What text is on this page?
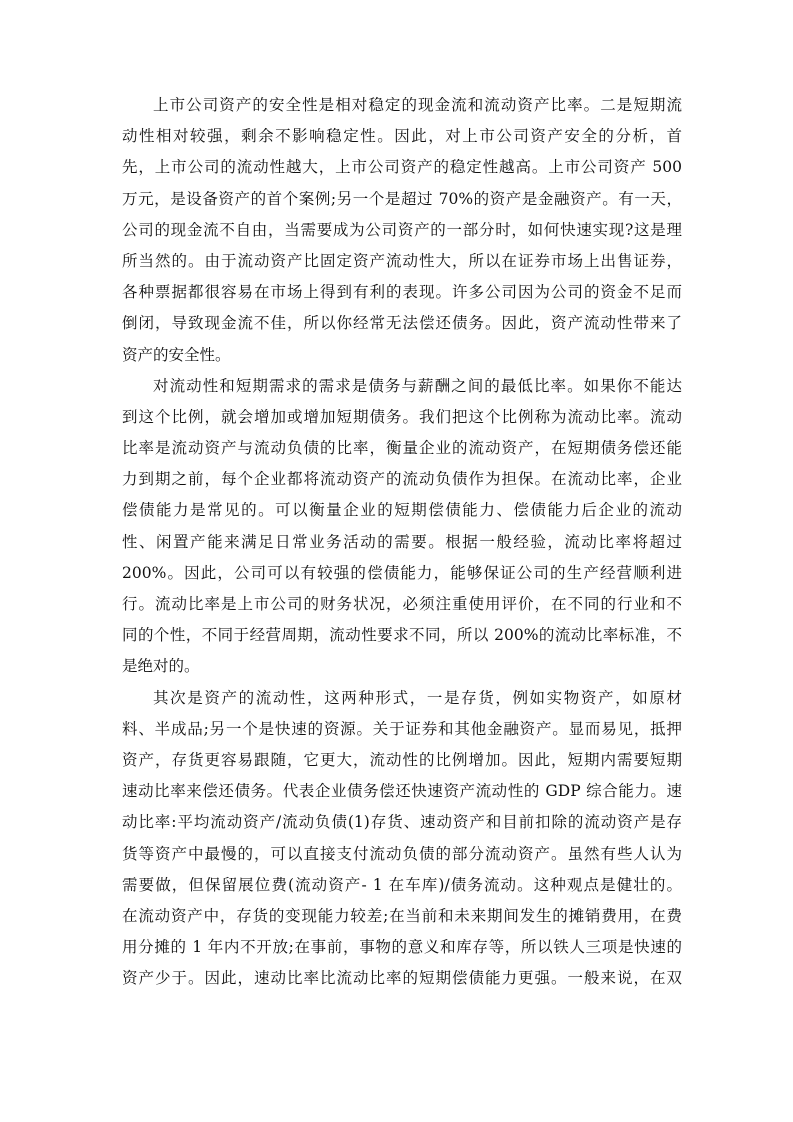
上市公司资产的安全性是相对稳定的现金流和流动资产比率。二是短期流
动性相对较强，剩余不影响稳定性。因此，对上市公司资产安全的分析，首
先，上市公司的流动性越大，上市公司资产的稳定性越高。上市公司资产 500
万元，是设备资产的首个案例;另一个是超过 70%的资产是金融资产。有一天，
公司的现金流不自由，当需要成为公司资产的一部分时，如何快速实现?这是理
所当然的。由于流动资产比固定资产流动性大，所以在证券市场上出售证券，
各种票据都很容易在市场上得到有利的表现。许多公司因为公司的资金不足而
倒闭，导致现金流不佳，所以你经常无法偿还债务。因此，资产流动性带来了
资产的安全性。

对流动性和短期需求的需求是债务与薪酬之间的最低比率。如果你不能达
到这个比例，就会增加或增加短期债务。我们把这个比例称为流动比率。流动
比率是流动资产与流动负债的比率，衡量企业的流动资产，在短期债务偿还能
力到期之前，每个企业都将流动资产的流动负债作为担保。在流动比率，企业
偿债能力是常见的。可以衡量企业的短期偿债能力、偿债能力后企业的流动
性、闲置产能来满足日常业务活动的需要。根据一般经验，流动比率将超过
200%。因此，公司可以有较强的偿债能力，能够保证公司的生产经营顺利进
行。流动比率是上市公司的财务状况，必须注重使用评价，在不同的行业和不
同的个性，不同于经营周期，流动性要求不同，所以 200%的流动比率标准，不
是绝对的。

其次是资产的流动性，这两种形式，一是存货，例如实物资产，如原材
料、半成品;另一个是快速的资源。关于证券和其他金融资产。显而易见，抵押
资产，存货更容易跟随，它更大，流动性的比例增加。因此，短期内需要短期
速动比率来偿还债务。代表企业债务偿还快速资产流动性的 GDP 综合能力。速
动比率:平均流动资产/流动负债(1)存货、速动资产和目前扣除的流动资产是存
货等资产中最慢的，可以直接支付流动负债的部分流动资产。虽然有些人认为
需要做，但保留展位费(流动资产- 1 在车库)/债务流动。这种观点是健壮的。
在流动资产中，存货的变现能力较差;在当前和未来期间发生的摊销费用，在费
用分摊的 1 年内不开放;在事前，事物的意义和库存等，所以铁人三项是快速的
资产少于。因此，速动比率比流动比率的短期偿债能力更强。一般来说，在双
